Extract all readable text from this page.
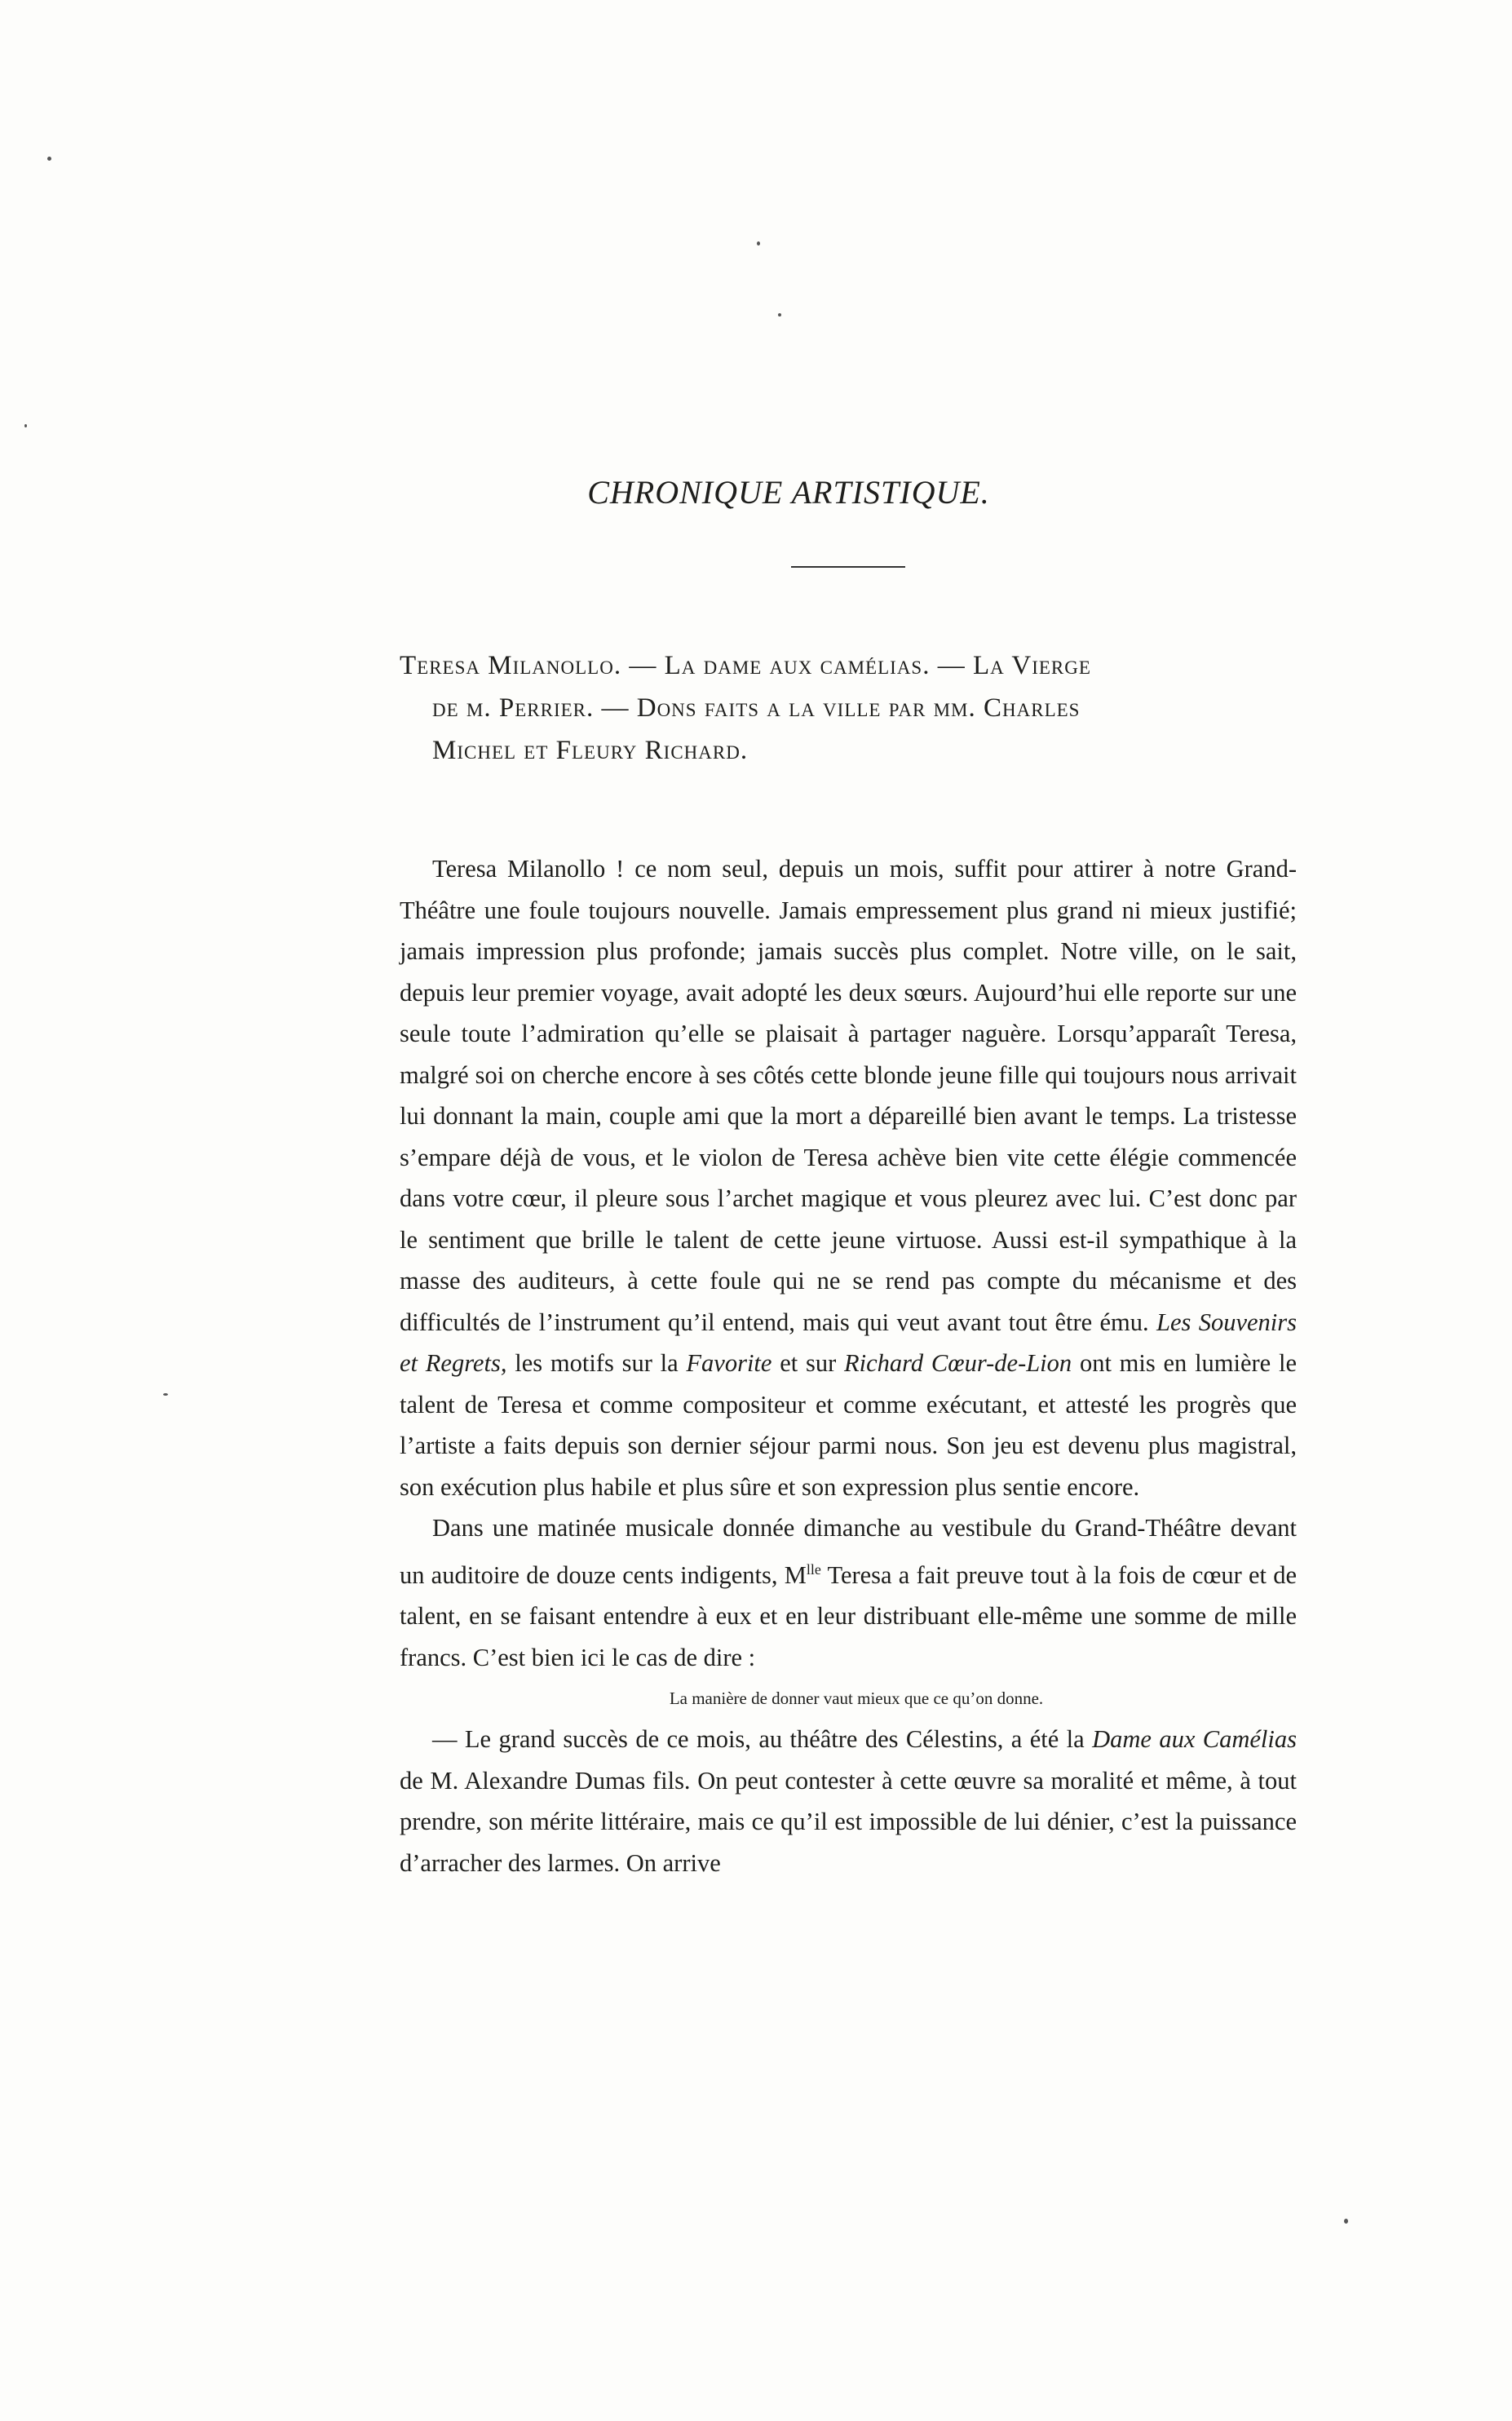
CHRONIQUE ARTISTIQUE.
Teresa Milanollo. — La dame aux camélias. — La Vierge
de m. Perrier. — Dons faits a la ville par mm. Charles
Michel et Fleury Richard.

Teresa Milanollo ! ce nom seul, depuis un mois, suffit pour attirer à notre Grand-Théâtre une foule toujours nouvelle. Jamais empressement plus grand ni mieux justifié; jamais impression plus profonde; jamais succès plus complet. Notre ville, on le sait, depuis leur premier voyage, avait adopté les deux sœurs. Aujourd’hui elle reporte sur une seule toute l’admiration qu’elle se plaisait à partager naguère. Lorsqu’apparaît Teresa, malgré soi on cherche encore à ses côtés cette blonde jeune fille qui toujours nous arrivait lui donnant la main, couple ami que la mort a dépareillé bien avant le temps. La tristesse s’empare déjà de vous, et le violon de Teresa achève bien vite cette élégie commencée dans votre cœur, il pleure sous l’archet magique et vous pleurez avec lui. C’est donc par le sentiment que brille le talent de cette jeune virtuose. Aussi est-il sympathique à la masse des auditeurs, à cette foule qui ne se rend pas compte du mécanisme et des difficultés de l’instrument qu’il entend, mais qui veut avant tout être ému. Les Souvenirs et Regrets, les motifs sur la Favorite et sur Richard Cœur-de-Lion ont mis en lumière le talent de Teresa et comme compositeur et comme exécutant, et attesté les progrès que l’artiste a faits depuis son dernier séjour parmi nous. Son jeu est devenu plus magistral, son exécution plus habile et plus sûre et son expression plus sentie encore.

Dans une matinée musicale donnée dimanche au vestibule du Grand-Théâtre devant un auditoire de douze cents indigents, $M^{lle}$ Teresa a fait preuve tout à la fois de cœur et de talent, en se faisant entendre à eux et en leur distribuant elle-même une somme de mille francs. C’est bien ici le cas de dire :

La manière de donner vaut mieux que ce qu’on donne.

— Le grand succès de ce mois, au théâtre des Célestins, a été la Dame aux Camélias de M. Alexandre Dumas fils. On peut contester à cette œuvre sa moralité et même, à tout prendre, son mérite littéraire, mais ce qu’il est impossible de lui dénier, c’est la puissance d’arracher des larmes. On arrive
